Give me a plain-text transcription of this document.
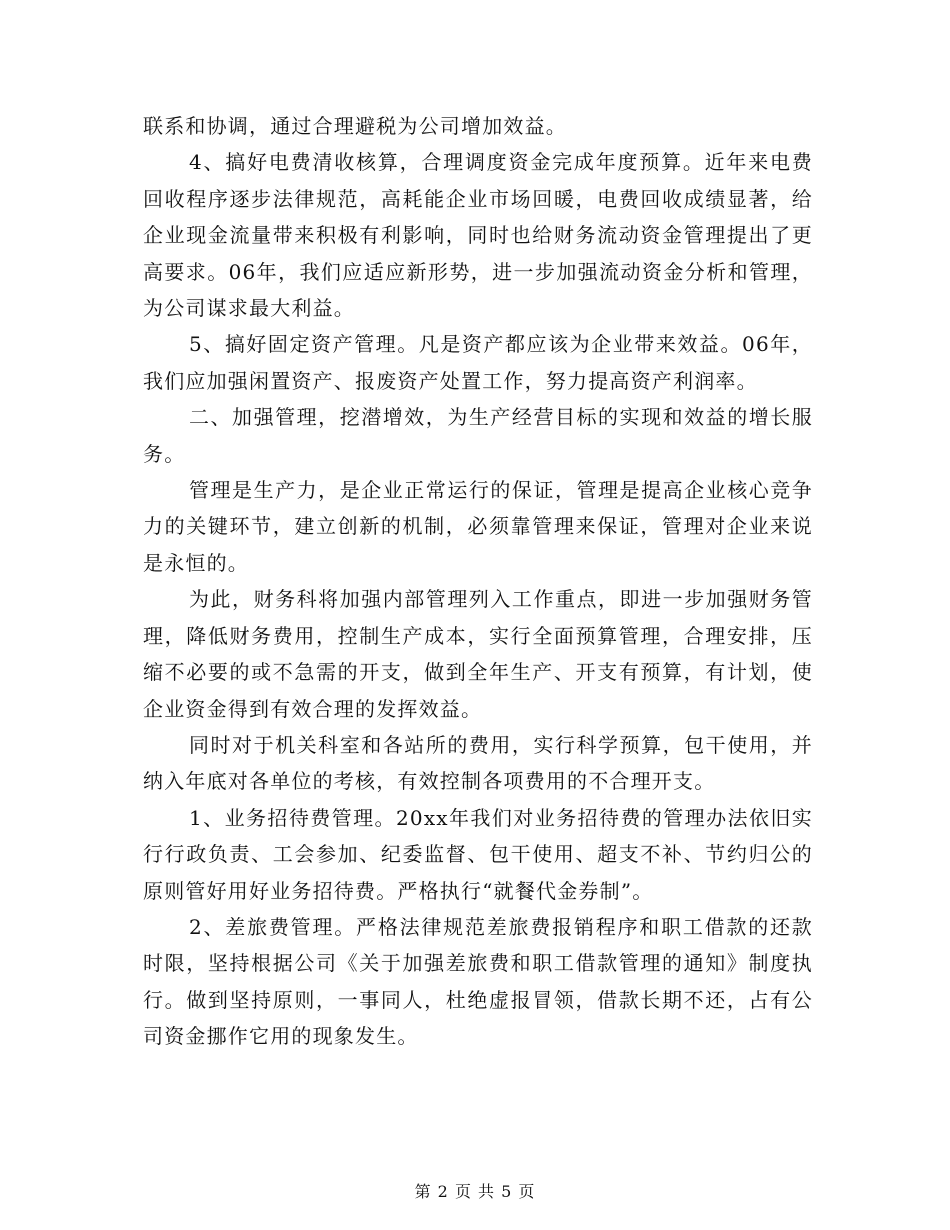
联系和协调，通过合理避税为公司增加效益。

4、搞好电费清收核算，合理调度资金完成年度预算。近年来电费回收程序逐步法律规范，高耗能企业市场回暖，电费回收成绩显著，给企业现金流量带来积极有利影响，同时也给财务流动资金管理提出了更高要求。06年，我们应适应新形势，进一步加强流动资金分析和管理，为公司谋求最大利益。

5、搞好固定资产管理。凡是资产都应该为企业带来效益。06年，我们应加强闲置资产、报废资产处置工作，努力提高资产利润率。

二、加强管理，挖潜增效，为生产经营目标的实现和效益的增长服务。

管理是生产力，是企业正常运行的保证，管理是提高企业核心竞争力的关键环节，建立创新的机制，必须靠管理来保证，管理对企业来说是永恒的。

为此，财务科将加强内部管理列入工作重点，即进一步加强财务管理，降低财务费用，控制生产成本，实行全面预算管理，合理安排，压缩不必要的或不急需的开支，做到全年生产、开支有预算，有计划，使企业资金得到有效合理的发挥效益。

同时对于机关科室和各站所的费用，实行科学预算，包干使用，并纳入年底对各单位的考核，有效控制各项费用的不合理开支。

1、业务招待费管理。20xx年我们对业务招待费的管理办法依旧实行行政负责、工会参加、纪委监督、包干使用、超支不补、节约归公的原则管好用好业务招待费。严格执行“就餐代金券制”。

2、差旅费管理。严格法律规范差旅费报销程序和职工借款的还款时限，坚持根据公司《关于加强差旅费和职工借款管理的通知》制度执行。做到坚持原则，一事同人，杜绝虚报冒领，借款长期不还，占有公司资金挪作它用的现象发生。

第 2 页 共 5 页
